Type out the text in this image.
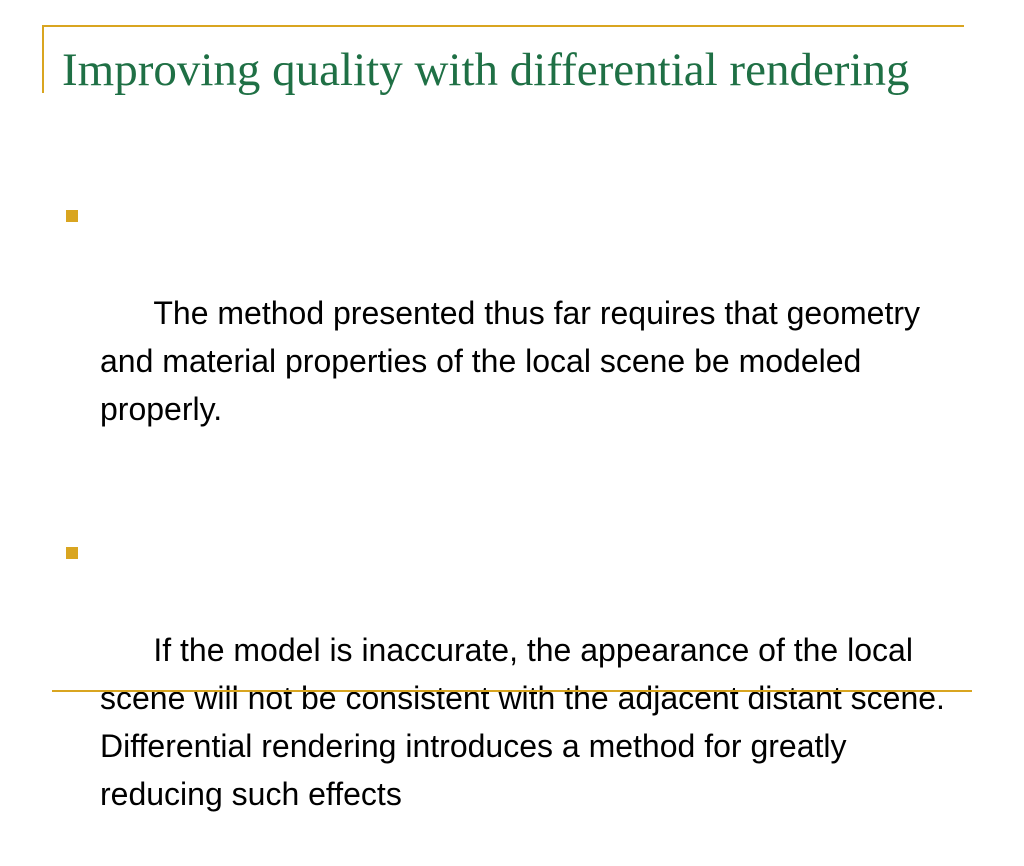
Improving quality with differential rendering

The method presented thus far requires that geometry and material properties of the local scene be modeled properly.

If the model is inaccurate, the appearance of the local scene will not be consistent with the adjacent distant scene.  Differential rendering introduces a method for greatly reducing such effects
